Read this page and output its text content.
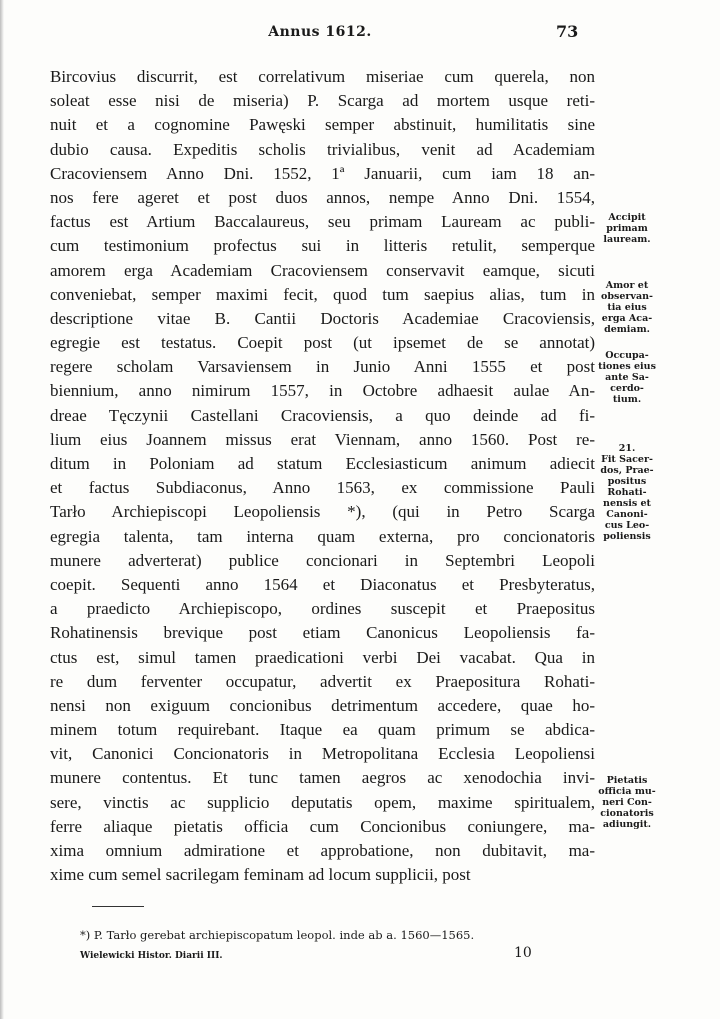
Annus 1612.	73
Bircovius discurrit, est correlativum miseriae cum querela, non
soleat esse nisi de miseria) P. Scarga ad mortem usque reti-
nuit et a cognomine Pawęski semper abstinuit, humilitatis sine
dubio causa. Expeditis scholis trivialibus, venit ad Academiam
Cracoviensem Anno Dni. 1552, 1ª Januarii, cum iam 18 an-
nos fere ageret et post duos annos, nempe Anno Dni. 1554,
factus est Artium Baccalaureus, seu primam Lauream ac publi-
cum testimonium profectus sui in litteris retulit, semperque
amorem erga Academiam Cracoviensem conservavit eamque, sicuti
conveniebat, semper maximi fecit, quod tum saepius alias, tum in
descriptione vitae B. Cantii Doctoris Academiae Cracoviensis,
egregie est testatus. Coepit post (ut ipsemet de se annotat)
regere scholam Varsaviensem in Junio Anni 1555 et post
biennium, anno nimirum 1557, in Octobre adhaesit aulae An-
dreae Tęczynii Castellani Cracoviensis, a quo deinde ad fi-
lium eius Joannem missus erat Viennam, anno 1560. Post re-
ditum in Poloniam ad statum Ecclesiasticum animum adiecit
et factus Subdiaconus, Anno 1563, ex commissione Pauli
Tarło Archiepiscopi Leopoliensis *), (qui in Petro Scarga
egregia talenta, tam interna quam externa, pro concionatoris
munere adverterat) publice concionari in Septembri Leopoli
coepit. Sequenti anno 1564 et Diaconatus et Presbyteratus,
a praedicto Archiepiscopo, ordines suscepit et Praepositus
Rohatinensis brevique post etiam Canonicus Leopoliensis fa-
ctus est, simul tamen praedicationi verbi Dei vacabat. Qua in
re dum ferventer occupatur, advertit ex Praepositura Rohati-
nensi non exiguum concionibus detrimentum accedere, quae ho-
minem totum requirebant. Itaque ea quam primum se abdica-
vit, Canonici Concionatoris in Metropolitana Ecclesia Leopoliensi
munere contentus. Et tunc tamen aegros ac xenodochia invi-
sere, vinctis ac supplicio deputatis opem, maxime spiritualem,
ferre aliaque pietatis officia cum Concionibus coniungere, ma-
xima omnium admiratione et approbatione, non dubitavit, ma-
xime cum semel sacrilegam feminam ad locum supplicii, post
Accipit
primam
lauream.
Amor et
observan-
tia eius
erga Aca-
demiam.
Occupa-
tiones eius
ante Sa-
cerdo-
tium.
21.
Fit Sacer-
dos, Prae-
positus
Rohati-
nensis et
Canoni-
cus Leo-
poliensis
Pietatis
officia mu-
neri Con-
cionatoris
adiungit.
*) P. Tarło gerebat archiepiscopatum leopol. inde ab a. 1560—1565.
Wielewicki Histor. Diarii III.	10
